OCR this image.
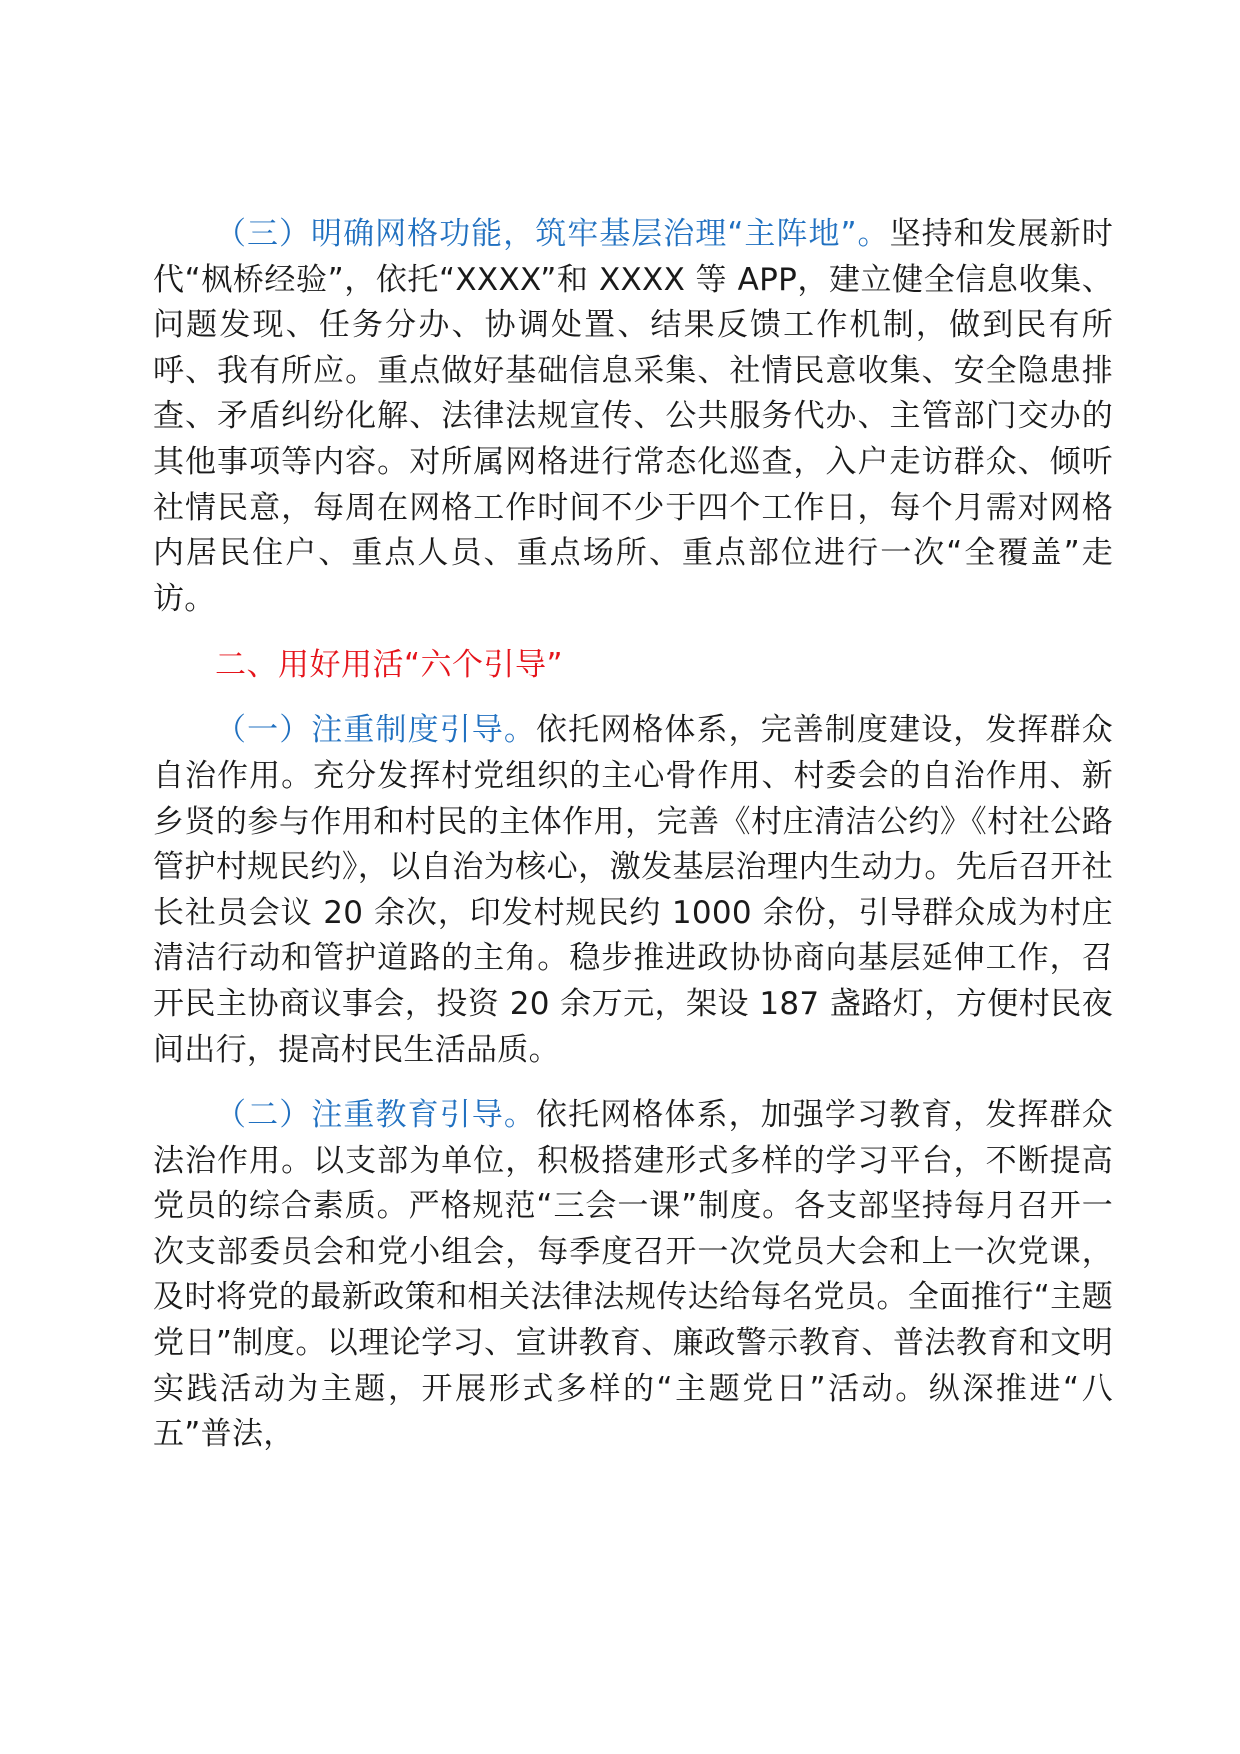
（三）明确网格功能，筑牢基层治理“主阵地”。坚持和发展新时代“枫桥经验”，依托“XXXX”和 XXXX 等 APP，建立健全信息收集、问题发现、任务分办、协调处置、结果反馈工作机制，做到民有所呼、我有所应。重点做好基础信息采集、社情民意收集、安全隐患排查、矛盾纠纷化解、法律法规宣传、公共服务代办、主管部门交办的其他事项等内容。对所属网格进行常态化巡查，入户走访群众、倾听社情民意，每周在网格工作时间不少于四个工作日，每个月需对网格内居民住户、重点人员、重点场所、重点部位进行一次“全覆盖”走访。

二、用好用活“六个引导”

（一）注重制度引导。依托网格体系，完善制度建设，发挥群众自治作用。充分发挥村党组织的主心骨作用、村委会的自治作用、新乡贤的参与作用和村民的主体作用，完善《村庄清洁公约》《村社公路管护村规民约》，以自治为核心，激发基层治理内生动力。先后召开社长社员会议 20 余次，印发村规民约 1000 余份，引导群众成为村庄清洁行动和管护道路的主角。稳步推进政协协商向基层延伸工作，召开民主协商议事会，投资 20 余万元，架设 187 盏路灯，方便村民夜间出行，提高村民生活品质。

（二）注重教育引导。依托网格体系，加强学习教育，发挥群众法治作用。以支部为单位，积极搭建形式多样的学习平台，不断提高党员的综合素质。严格规范“三会一课”制度。各支部坚持每月召开一次支部委员会和党小组会，每季度召开一次党员大会和上一次党课，及时将党的最新政策和相关法律法规传达给每名党员。全面推行“主题党日”制度。以理论学习、宣讲教育、廉政警示教育、普法教育和文明实践活动为主题，开展形式多样的“主题党日”活动。纵深推进“八五”普法，
